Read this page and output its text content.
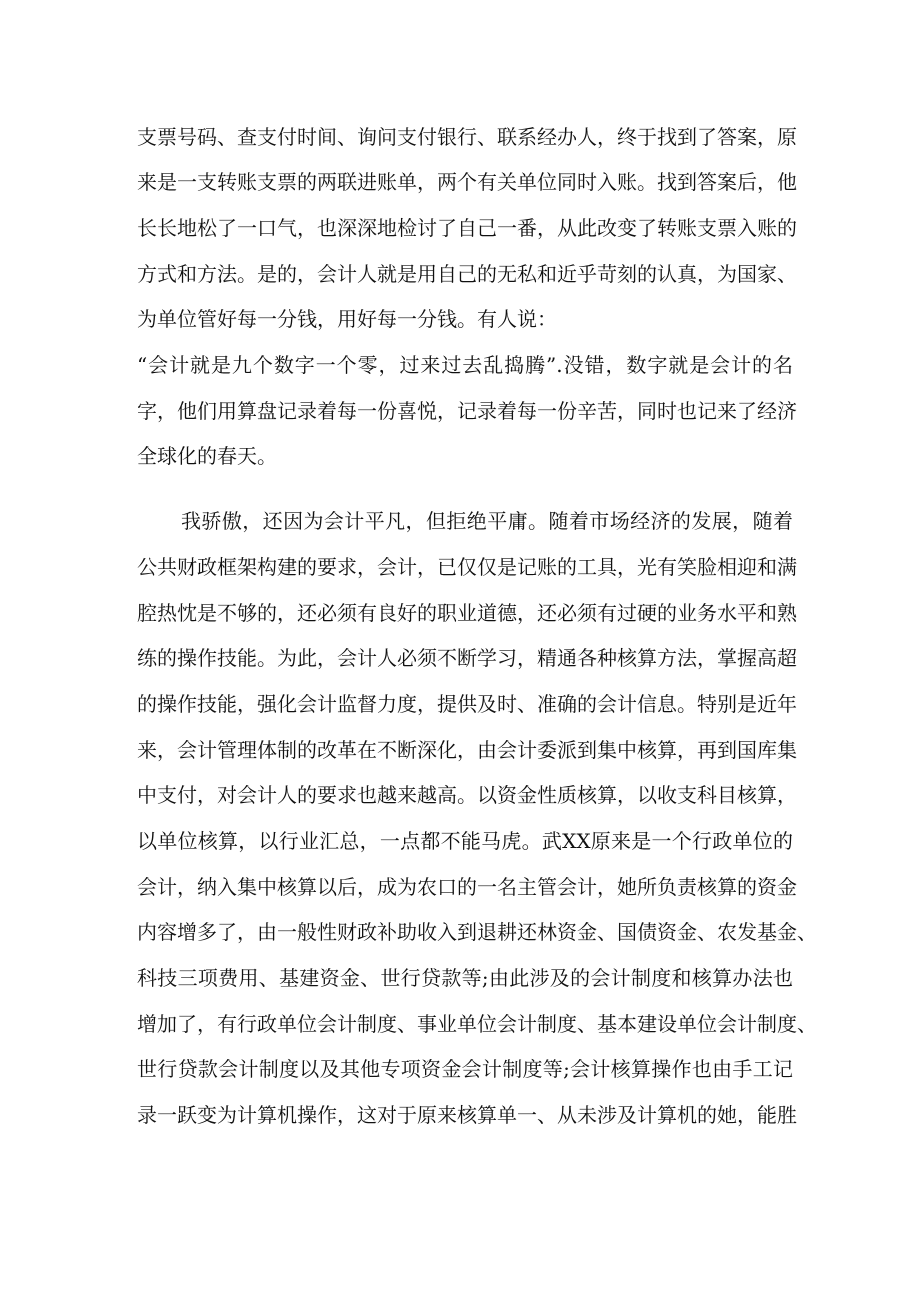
支票号码、查支付时间、询问支付银行、联系经办人，终于找到了答案，原
来是一支转账支票的两联进账单，两个有关单位同时入账。找到答案后，他
长长地松了一口气，也深深地检讨了自己一番，从此改变了转账支票入账的
方式和方法。是的，会计人就是用自己的无私和近乎苛刻的认真，为国家、
为单位管好每一分钱，用好每一分钱。有人说：
“会计就是九个数字一个零，过来过去乱捣腾”.没错，数字就是会计的名
字，他们用算盘记录着每一份喜悦，记录着每一份辛苦，同时也记来了经济
全球化的春天。
我骄傲，还因为会计平凡，但拒绝平庸。随着市场经济的发展，随着
公共财政框架构建的要求，会计，已仅仅是记账的工具，光有笑脸相迎和满
腔热忱是不够的，还必须有良好的职业道德，还必须有过硬的业务水平和熟
练的操作技能。为此，会计人必须不断学习，精通各种核算方法，掌握高超
的操作技能，强化会计监督力度，提供及时、准确的会计信息。特别是近年
来，会计管理体制的改革在不断深化，由会计委派到集中核算，再到国库集
中支付，对会计人的要求也越来越高。以资金性质核算，以收支科目核算，
以单位核算，以行业汇总，一点都不能马虎。武XX原来是一个行政单位的
会计，纳入集中核算以后，成为农口的一名主管会计，她所负责核算的资金
内容增多了，由一般性财政补助收入到退耕还林资金、国债资金、农发基金、
科技三项费用、基建资金、世行贷款等;由此涉及的会计制度和核算办法也
增加了，有行政单位会计制度、事业单位会计制度、基本建设单位会计制度、
世行贷款会计制度以及其他专项资金会计制度等;会计核算操作也由手工记
录一跃变为计算机操作，这对于原来核算单一、从未涉及计算机的她，能胜
